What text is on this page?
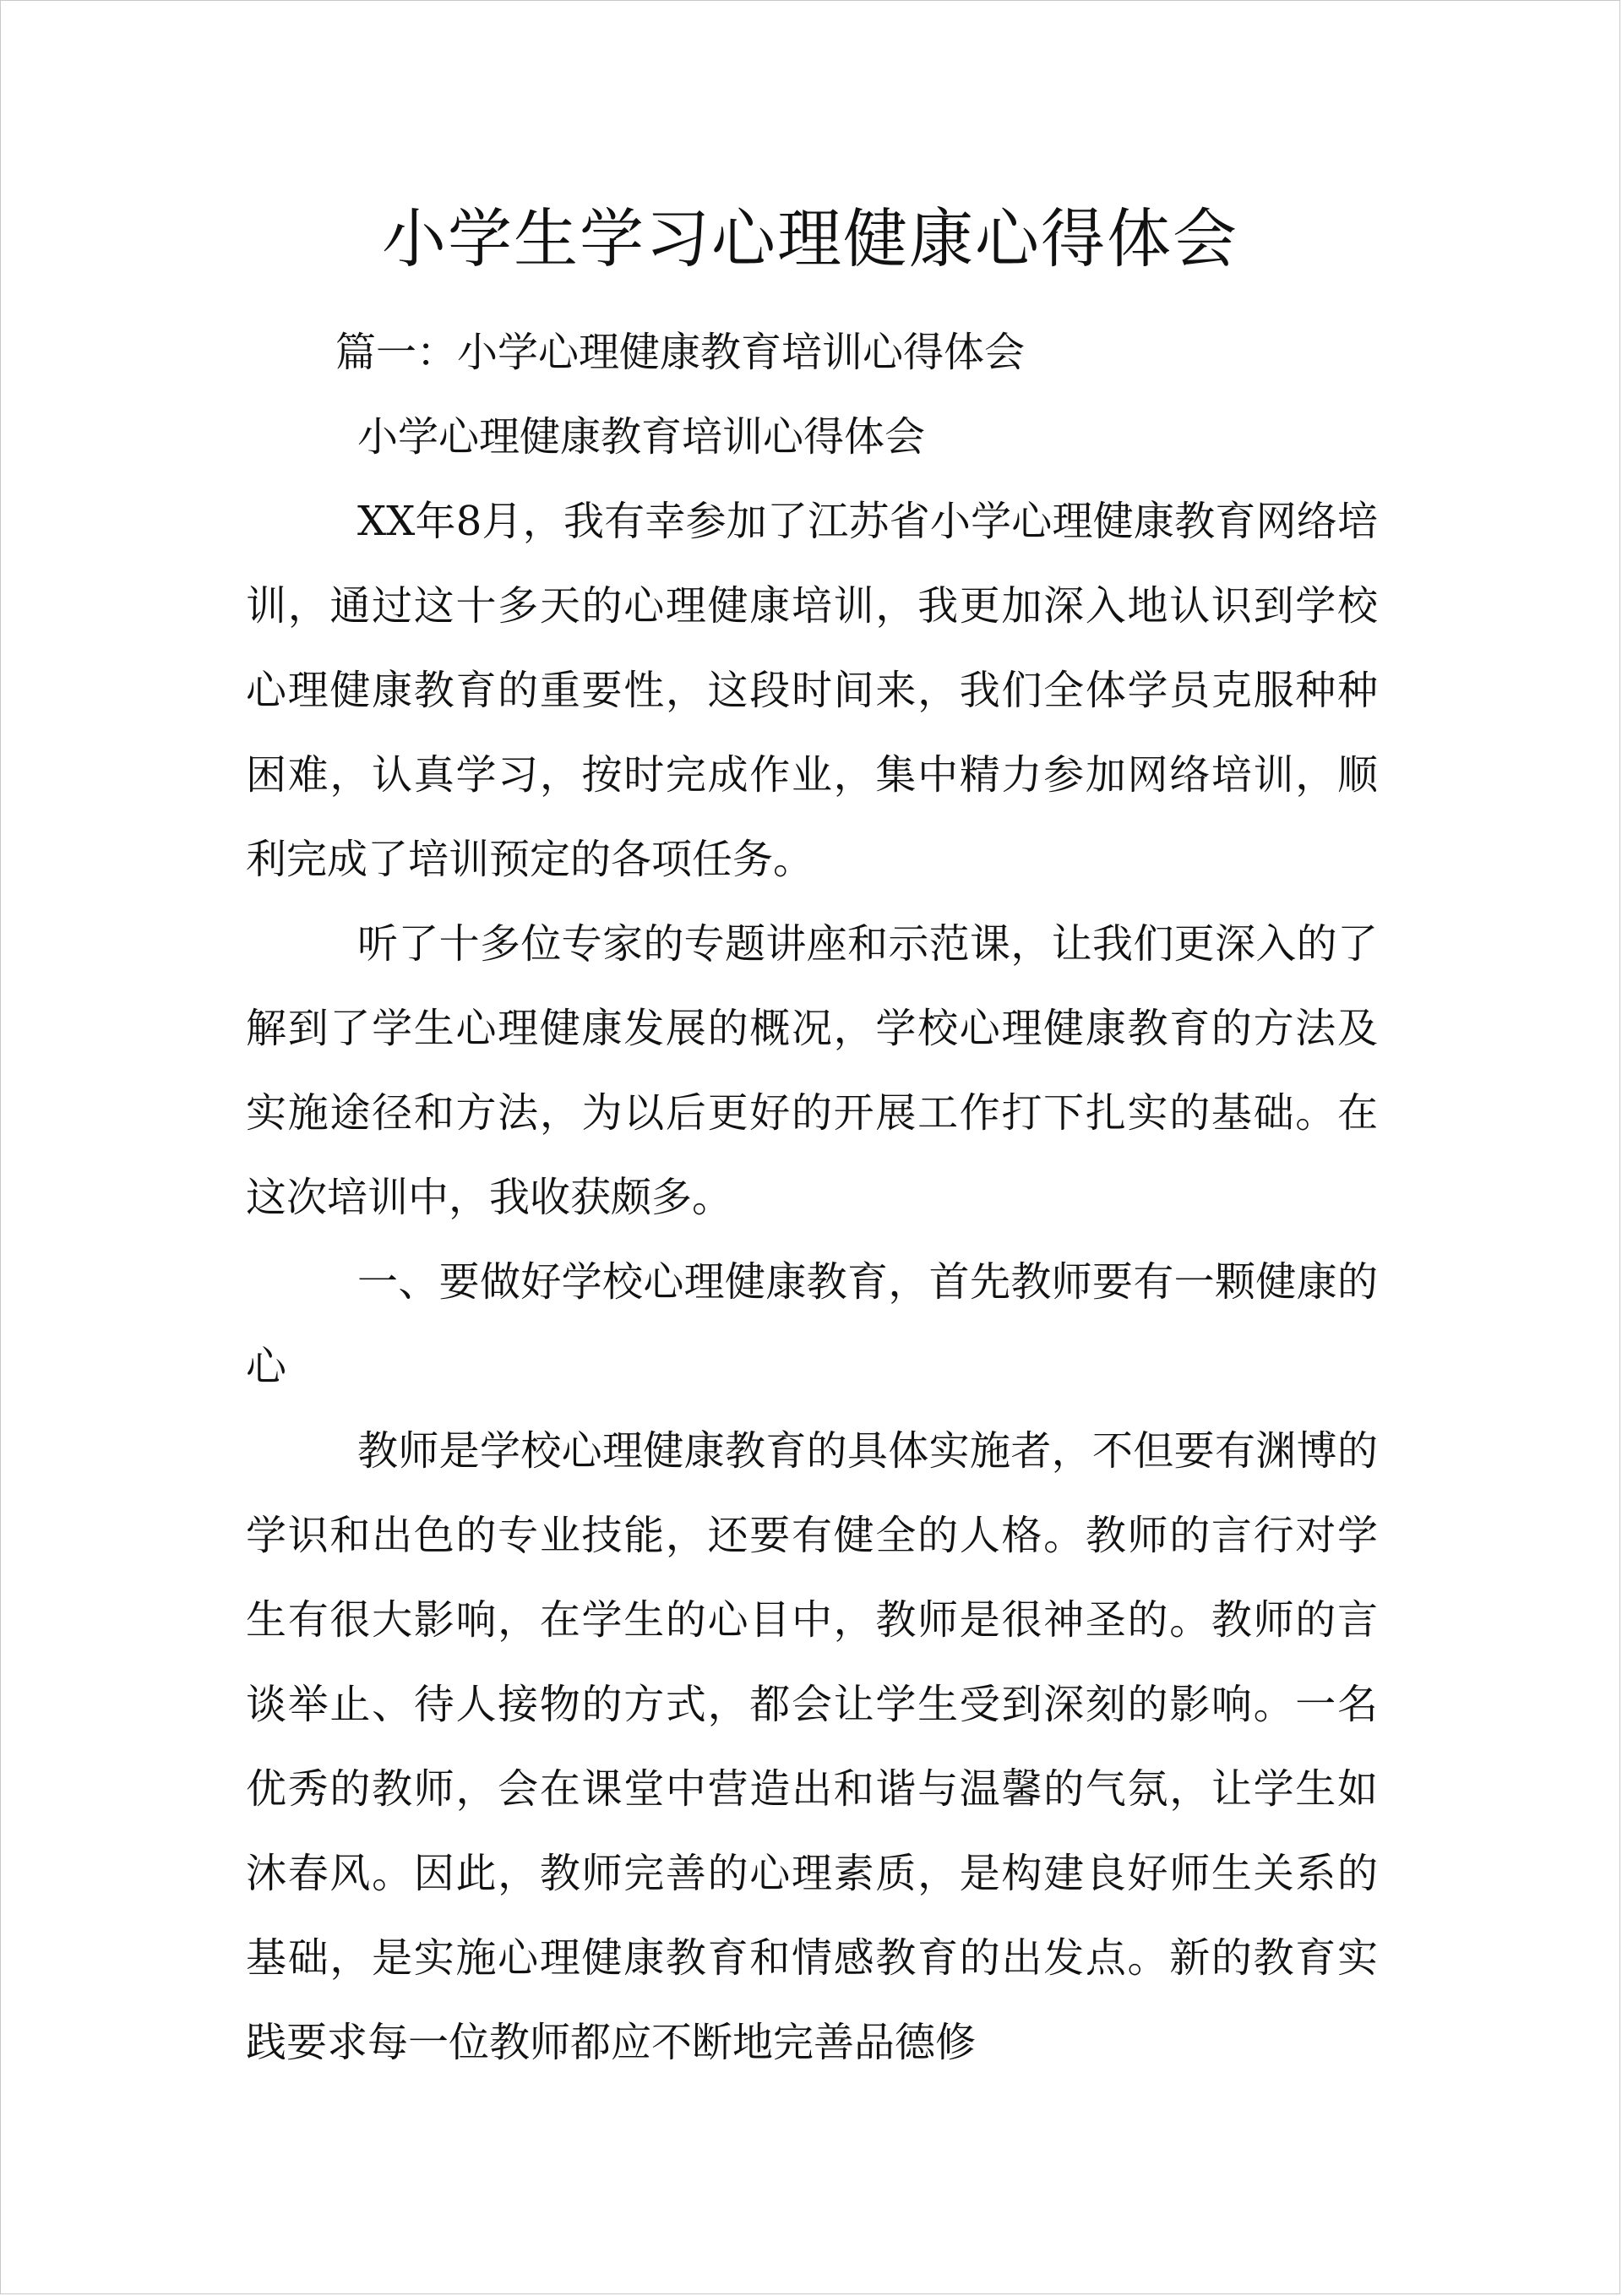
小学生学习心理健康心得体会

篇一：小学心理健康教育培训心得体会

小学心理健康教育培训心得体会

XX年8月，我有幸参加了江苏省小学心理健康教育网络培训，通过这十多天的心理健康培训，我更加深入地认识到学校心理健康教育的重要性，这段时间来，我们全体学员克服种种困难，认真学习，按时完成作业，集中精力参加网络培训，顺利完成了培训预定的各项任务。

听了十多位专家的专题讲座和示范课，让我们更深入的了解到了学生心理健康发展的概况，学校心理健康教育的方法及实施途径和方法，为以后更好的开展工作打下扎实的基础。在这次培训中，我收获颇多。

一、要做好学校心理健康教育，首先教师要有一颗健康的心

教师是学校心理健康教育的具体实施者，不但要有渊博的学识和出色的专业技能，还要有健全的人格。教师的言行对学生有很大影响，在学生的心目中，教师是很神圣的。教师的言谈举止、待人接物的方式，都会让学生受到深刻的影响。一名优秀的教师，会在课堂中营造出和谐与温馨的气氛，让学生如沐春风。因此，教师完善的心理素质，是构建良好师生关系的基础，是实施心理健康教育和情感教育的出发点。新的教育实践要求每一位教师都应不断地完善品德修
